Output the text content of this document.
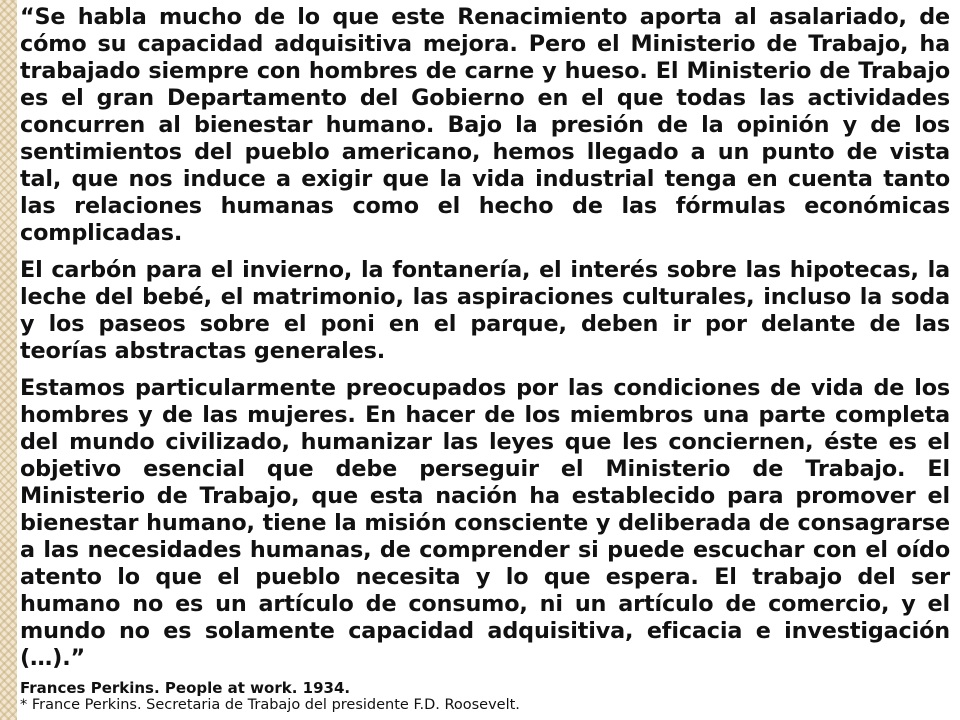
“Se habla mucho de lo que este Renacimiento aporta al asalariado, de cómo su capacidad adquisitiva mejora. Pero el Ministerio de Trabajo, ha trabajado siempre con hombres de carne y hueso. El Ministerio de Trabajo es el gran Departamento del Gobierno en el que todas las actividades concurren al bienestar humano. Bajo la presión de la opinión y de los sentimientos del pueblo americano, hemos llegado a un punto de vista tal, que nos induce a exigir que la vida industrial tenga en cuenta tanto las relaciones humanas como el hecho de las fórmulas económicas complicadas.

El carbón para el invierno, la fontanería, el interés sobre las hipotecas, la leche del bebé, el matrimonio, las aspiraciones culturales, incluso la soda y los paseos sobre el poni en el parque, deben ir por delante de las teorías abstractas generales.

Estamos particularmente preocupados por las condiciones de vida de los hombres y de las mujeres. En hacer de los miembros una parte completa del mundo civilizado, humanizar las leyes que les conciernen, éste es el objetivo esencial que debe perseguir el Ministerio de Trabajo. El Ministerio de Trabajo, que esta nación ha establecido para promover el bienestar humano, tiene la misión consciente y deliberada de consagrarse a las necesidades humanas, de comprender si puede escuchar con el oído atento lo que el pueblo necesita y lo que espera. El trabajo del ser humano no es un artículo de consumo, ni un artículo de comercio, y el mundo no es solamente capacidad adquisitiva, eficacia e investigación (…).”

Frances Perkins. People at work. 1934.

* France Perkins. Secretaria de Trabajo del presidente F.D. Roosevelt.
